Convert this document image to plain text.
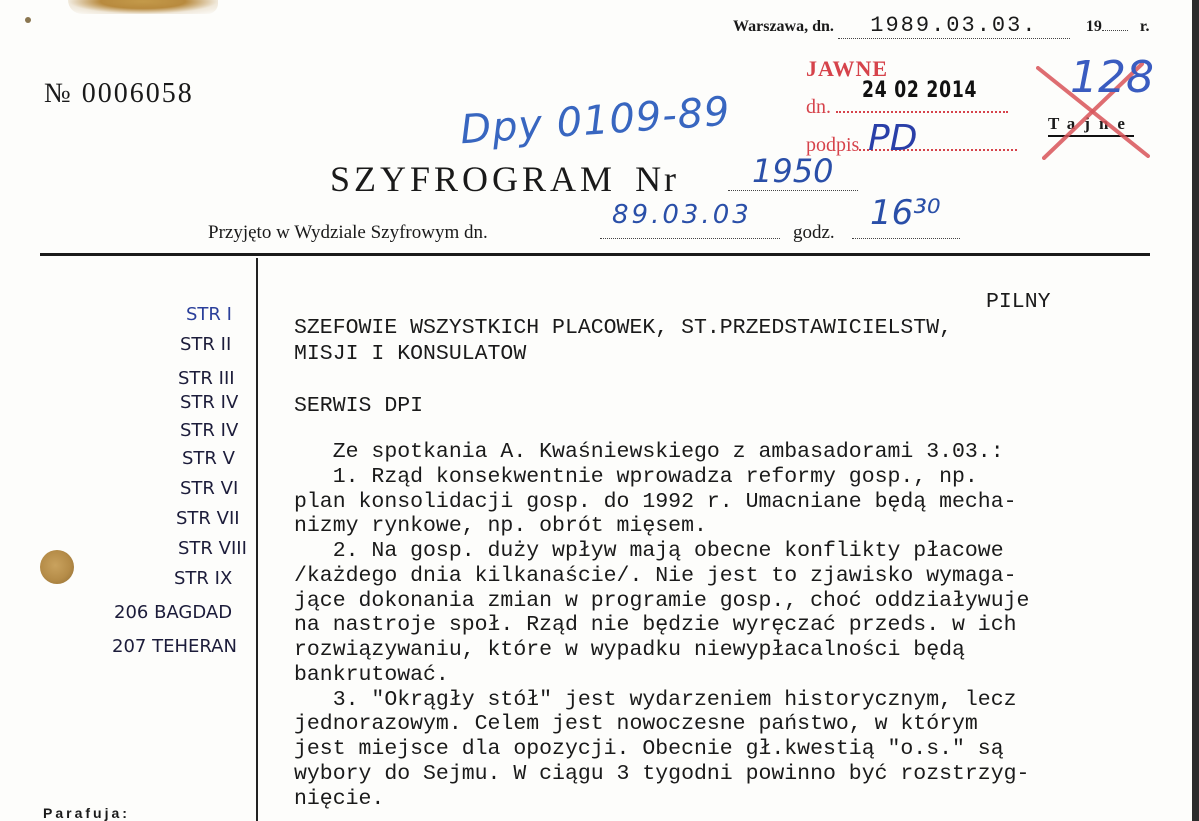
Warszawa, dn. 1989.03.03.	19 r.
№ 0006058	Dpy 0109-89
JAWNE
24 02 2014
dn.
podpis PD	Tajne
128
SZYFROGRAM Nr 1950
Przyjęto w Wydziale Szyfrowym dn.
89.03.03
godz. 16³⁰
STR I
STR II
STR III
STR IV
STR IV
STR V
STR VI
STR VII
STR VIII
STR IX
206 BAGDAD
207 TEHERAN
Parafuja:
PILNY
SZEFOWIE WSZYSTKICH PLACOWEK, ST.PRZEDSTAWICIELSTW,
MISJI I KONSULATOW
SERWIS DPI
Ze spotkania A. Kwaśniewskiego z ambasadorami 3.03.:
1. Rząd konsekwentnie wprowadza reformy gosp., np.
plan konsolidacji gosp. do 1992 r. Umacniane będą mecha-
nizmy rynkowe, np. obrót mięsem.
2. Na gosp. duży wpływ mają obecne konflikty płacowe
/każdego dnia kilkanaście/. Nie jest to zjawisko wymaga-
jące dokonania zmian w programie gosp., choć oddziaływuje
na nastroje społ. Rząd nie będzie wyręczać przeds. w ich
rozwiązywaniu, które w wypadku niewypłacalności będą
bankrutować.
3. "Okrągły stół" jest wydarzeniem historycznym, lecz
jednorazowym. Celem jest nowoczesne państwo, w którym
jest miejsce dla opozycji. Obecnie gł.kwestią "o.s." są
wybory do Sejmu. W ciągu 3 tygodni powinno być rozstrzyg-
nięcie.
